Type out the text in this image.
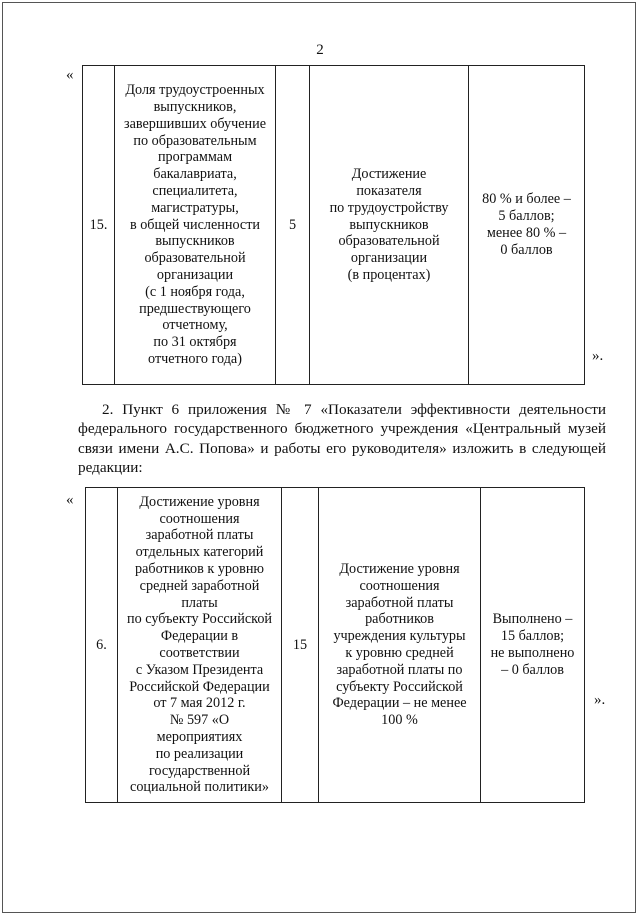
2
«
15.	Доля трудоустроенных
выпускников,
завершивших обучение
по образовательным
программам
бакалавриата,
специалитета,
магистратуры,
в общей численности
выпускников
образовательной
организации
(с 1 ноября года,
предшествующего
отчетному,
по 31 октября
отчетного года)	5	Достижение
показателя
по трудоустройству
выпускников
образовательной
организации
(в процентах)	80 % и более –
5 баллов;
менее 80 % –
0 баллов
».
2. Пункт 6 приложения № 7 «Показатели эффективности деятельности федерального государственного бюджетного учреждения «Центральный музей связи имени А.С. Попова» и работы его руководителя» изложить в следующей редакции:
«
6.	Достижение уровня
соотношения
заработной платы
отдельных категорий
работников к уровню
средней заработной
платы
по субъекту Российской
Федерации в
соответствии
с Указом Президента
Российской Федерации
от 7 мая 2012 г.
№ 597 «О
мероприятиях
по реализации
государственной
социальной политики»	15	Достижение уровня
соотношения
заработной платы
работников
учреждения культуры
к уровню средней
заработной платы по
субъекту Российской
Федерации – не менее
100 %	Выполнено –
15 баллов;
не выполнено
– 0 баллов
».
